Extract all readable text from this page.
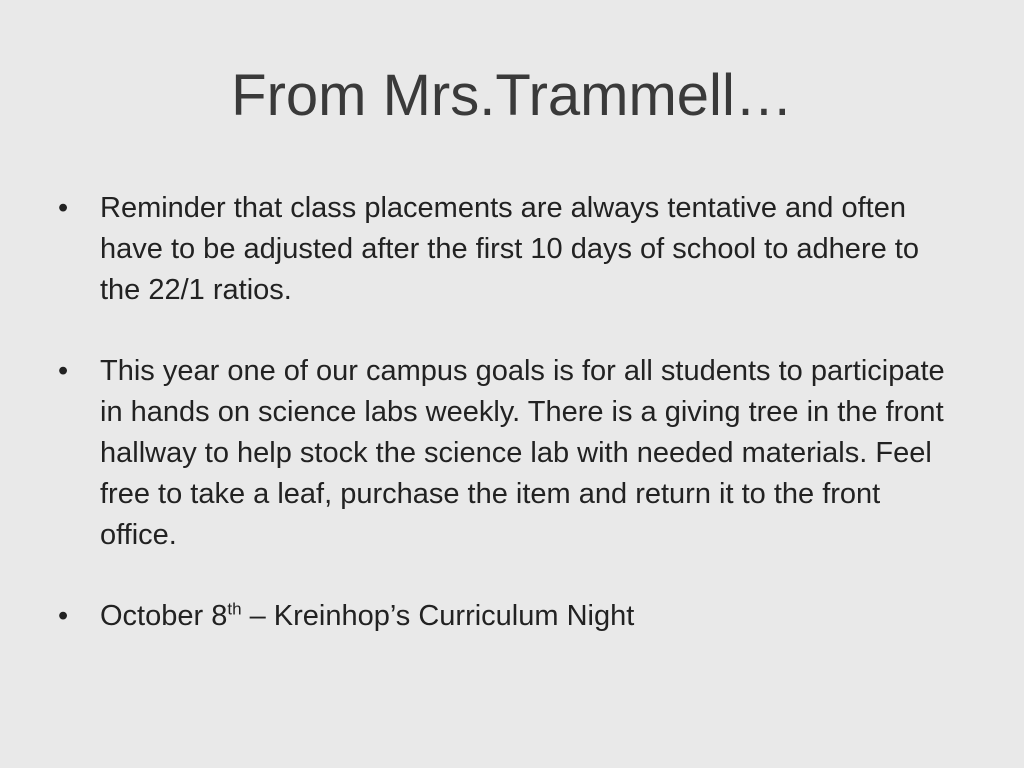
From Mrs.Trammell…
•	Reminder that class placements are always tentative and often have to be adjusted after the first 10 days of school to adhere to the 22/1 ratios.
•	This year one of our campus goals is for all students to participate in hands on science labs weekly. There is a giving tree in the front hallway to help stock the science lab with needed materials. Feel free to take a leaf, purchase the item and return it to the front office.
•	October 8th – Kreinhop’s Curriculum Night
